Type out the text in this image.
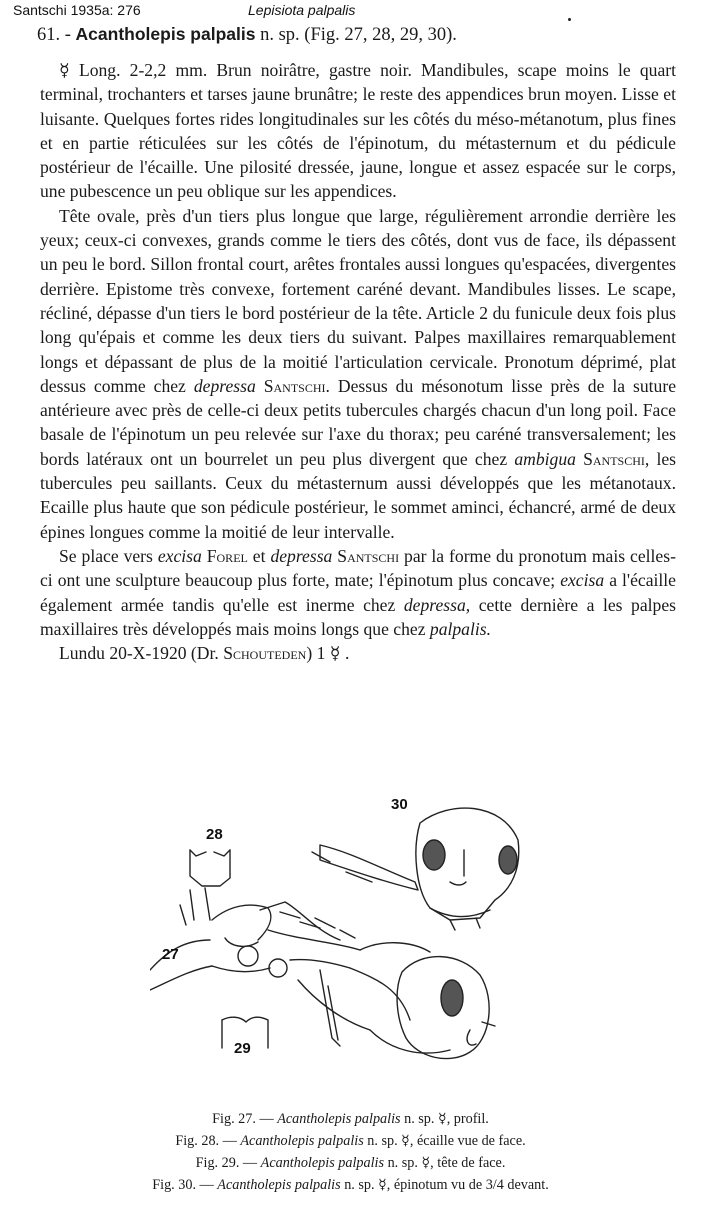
Santschi 1935a: 276	Lepisiota palpalis
61. - Acantholepis palpalis n. sp. (Fig. 27, 28, 29, 30).

☿ Long. 2-2,2 mm. Brun noirâtre, gastre noir. Mandibules, scape moins le quart terminal, trochanters et tarses jaune brunâtre; le reste des appendices brun moyen. Lisse et luisante. Quelques fortes rides longitudinales sur les côtés du méso-métanotum, plus fines et en partie réticulées sur les côtés de l'épinotum, du métasternum et du pédicule postérieur de l'écaille. Une pilosité dressée, jaune, longue et assez espacée sur le corps, une pubescence un peu oblique sur les appendices.

Tête ovale, près d'un tiers plus longue que large, régulièrement arrondie derrière les yeux; ceux-ci convexes, grands comme le tiers des côtés, dont vus de face, ils dépassent un peu le bord. Sillon frontal court, arêtes frontales aussi longues qu'espacées, divergentes derrière. Epistome très convexe, fortement caréné devant. Mandibules lisses. Le scape, récliné, dépasse d'un tiers le bord postérieur de la tête. Article 2 du funicule deux fois plus long qu'épais et comme les deux tiers du suivant. Palpes maxillaires remarquablement longs et dépassant de plus de la moitié l'articulation cervicale. Pronotum déprimé, plat dessus comme chez depressa Santschi. Dessus du mésonotum lisse près de la suture antérieure avec près de celle-ci deux petits tubercules chargés chacun d'un long poil. Face basale de l'épinotum un peu relevée sur l'axe du thorax; peu caréné transversalement; les bords latéraux ont un bourrelet un peu plus divergent que chez ambigua Santschi, les tubercules peu saillants. Ceux du métasternum aussi développés que les métanotaux. Ecaille plus haute que son pédicule postérieur, le sommet aminci, échancré, armé de deux épines longues comme la moitié de leur intervalle.

Se place vers excisa Forel et depressa Santschi par la forme du pronotum mais celles-ci ont une sculpture beaucoup plus forte, mate; l'épinotum plus concave; excisa a l'écaille également armée tandis qu'elle est inerme chez depressa, cette dernière a les palpes maxillaires très développés mais moins longs que chez palpalis.

Lundu 20-X-1920 (Dr. Schouteden) 1 ☿ .

30
28
27
29
Fig. 27. — Acantholepis palpalis n. sp. ☿, profil.
Fig. 28. — Acantholepis palpalis n. sp. ☿, écaille vue de face.
Fig. 29. — Acantholepis palpalis n. sp. ☿, tête de face.
Fig. 30. — Acantholepis palpalis n. sp. ☿, épinotum vu de 3/4 devant.
